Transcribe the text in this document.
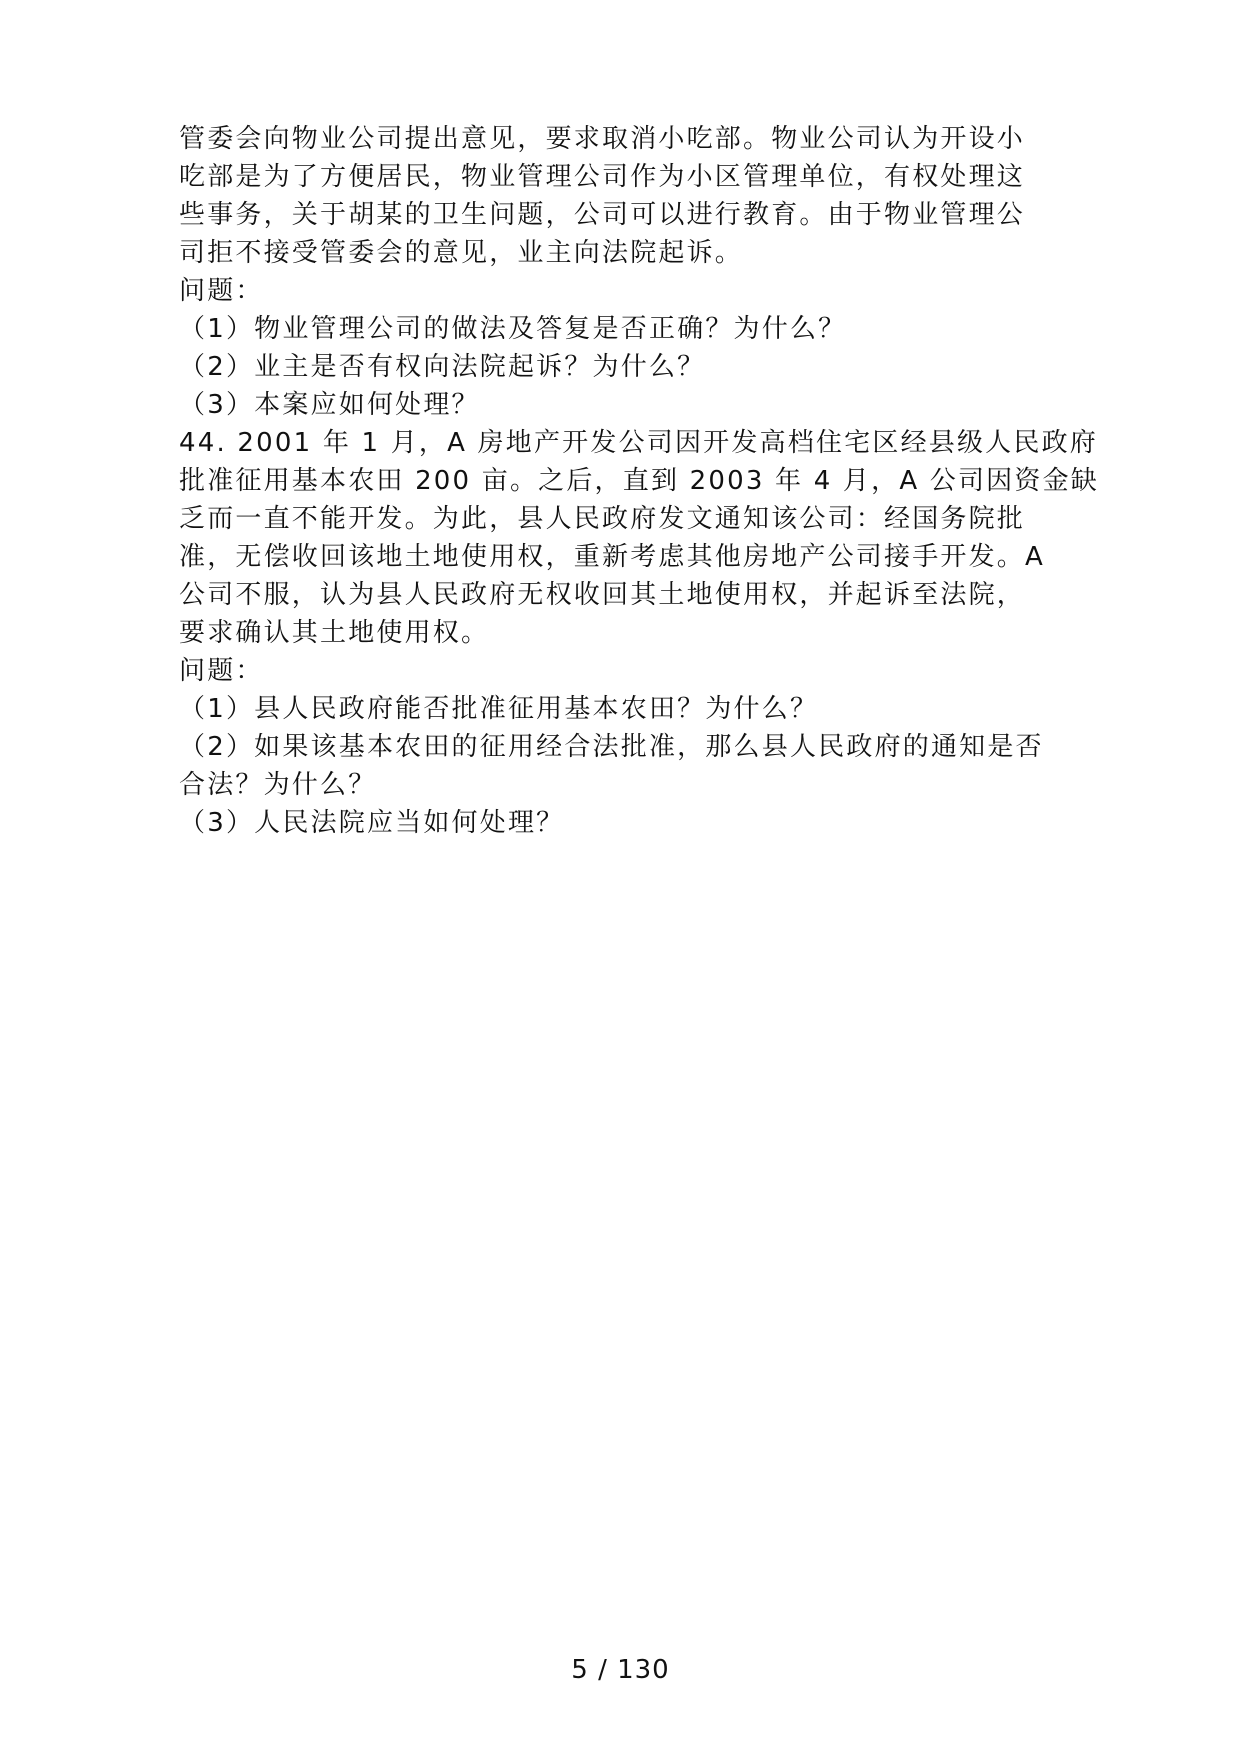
管委会向物业公司提出意见，要求取消小吃部。物业公司认为开设小
吃部是为了方便居民，物业管理公司作为小区管理单位，有权处理这
些事务，关于胡某的卫生问题，公司可以进行教育。由于物业管理公
司拒不接受管委会的意见，业主向法院起诉。
问题：
（1）物业管理公司的做法及答复是否正确？为什么？
（2）业主是否有权向法院起诉？为什么？
（3）本案应如何处理？
44. 2001 年 1 月，A 房地产开发公司因开发高档住宅区经县级人民政府
批准征用基本农田 200 亩。之后，直到 2003 年 4 月，A 公司因资金缺
乏而一直不能开发。为此，县人民政府发文通知该公司：经国务院批
准，无偿收回该地土地使用权，重新考虑其他房地产公司接手开发。A
公司不服，认为县人民政府无权收回其土地使用权，并起诉至法院，
要求确认其土地使用权。
问题：
（1）县人民政府能否批准征用基本农田？为什么？
（2）如果该基本农田的征用经合法批准，那么县人民政府的通知是否
合法？为什么？
（3）人民法院应当如何处理？
5 / 130
